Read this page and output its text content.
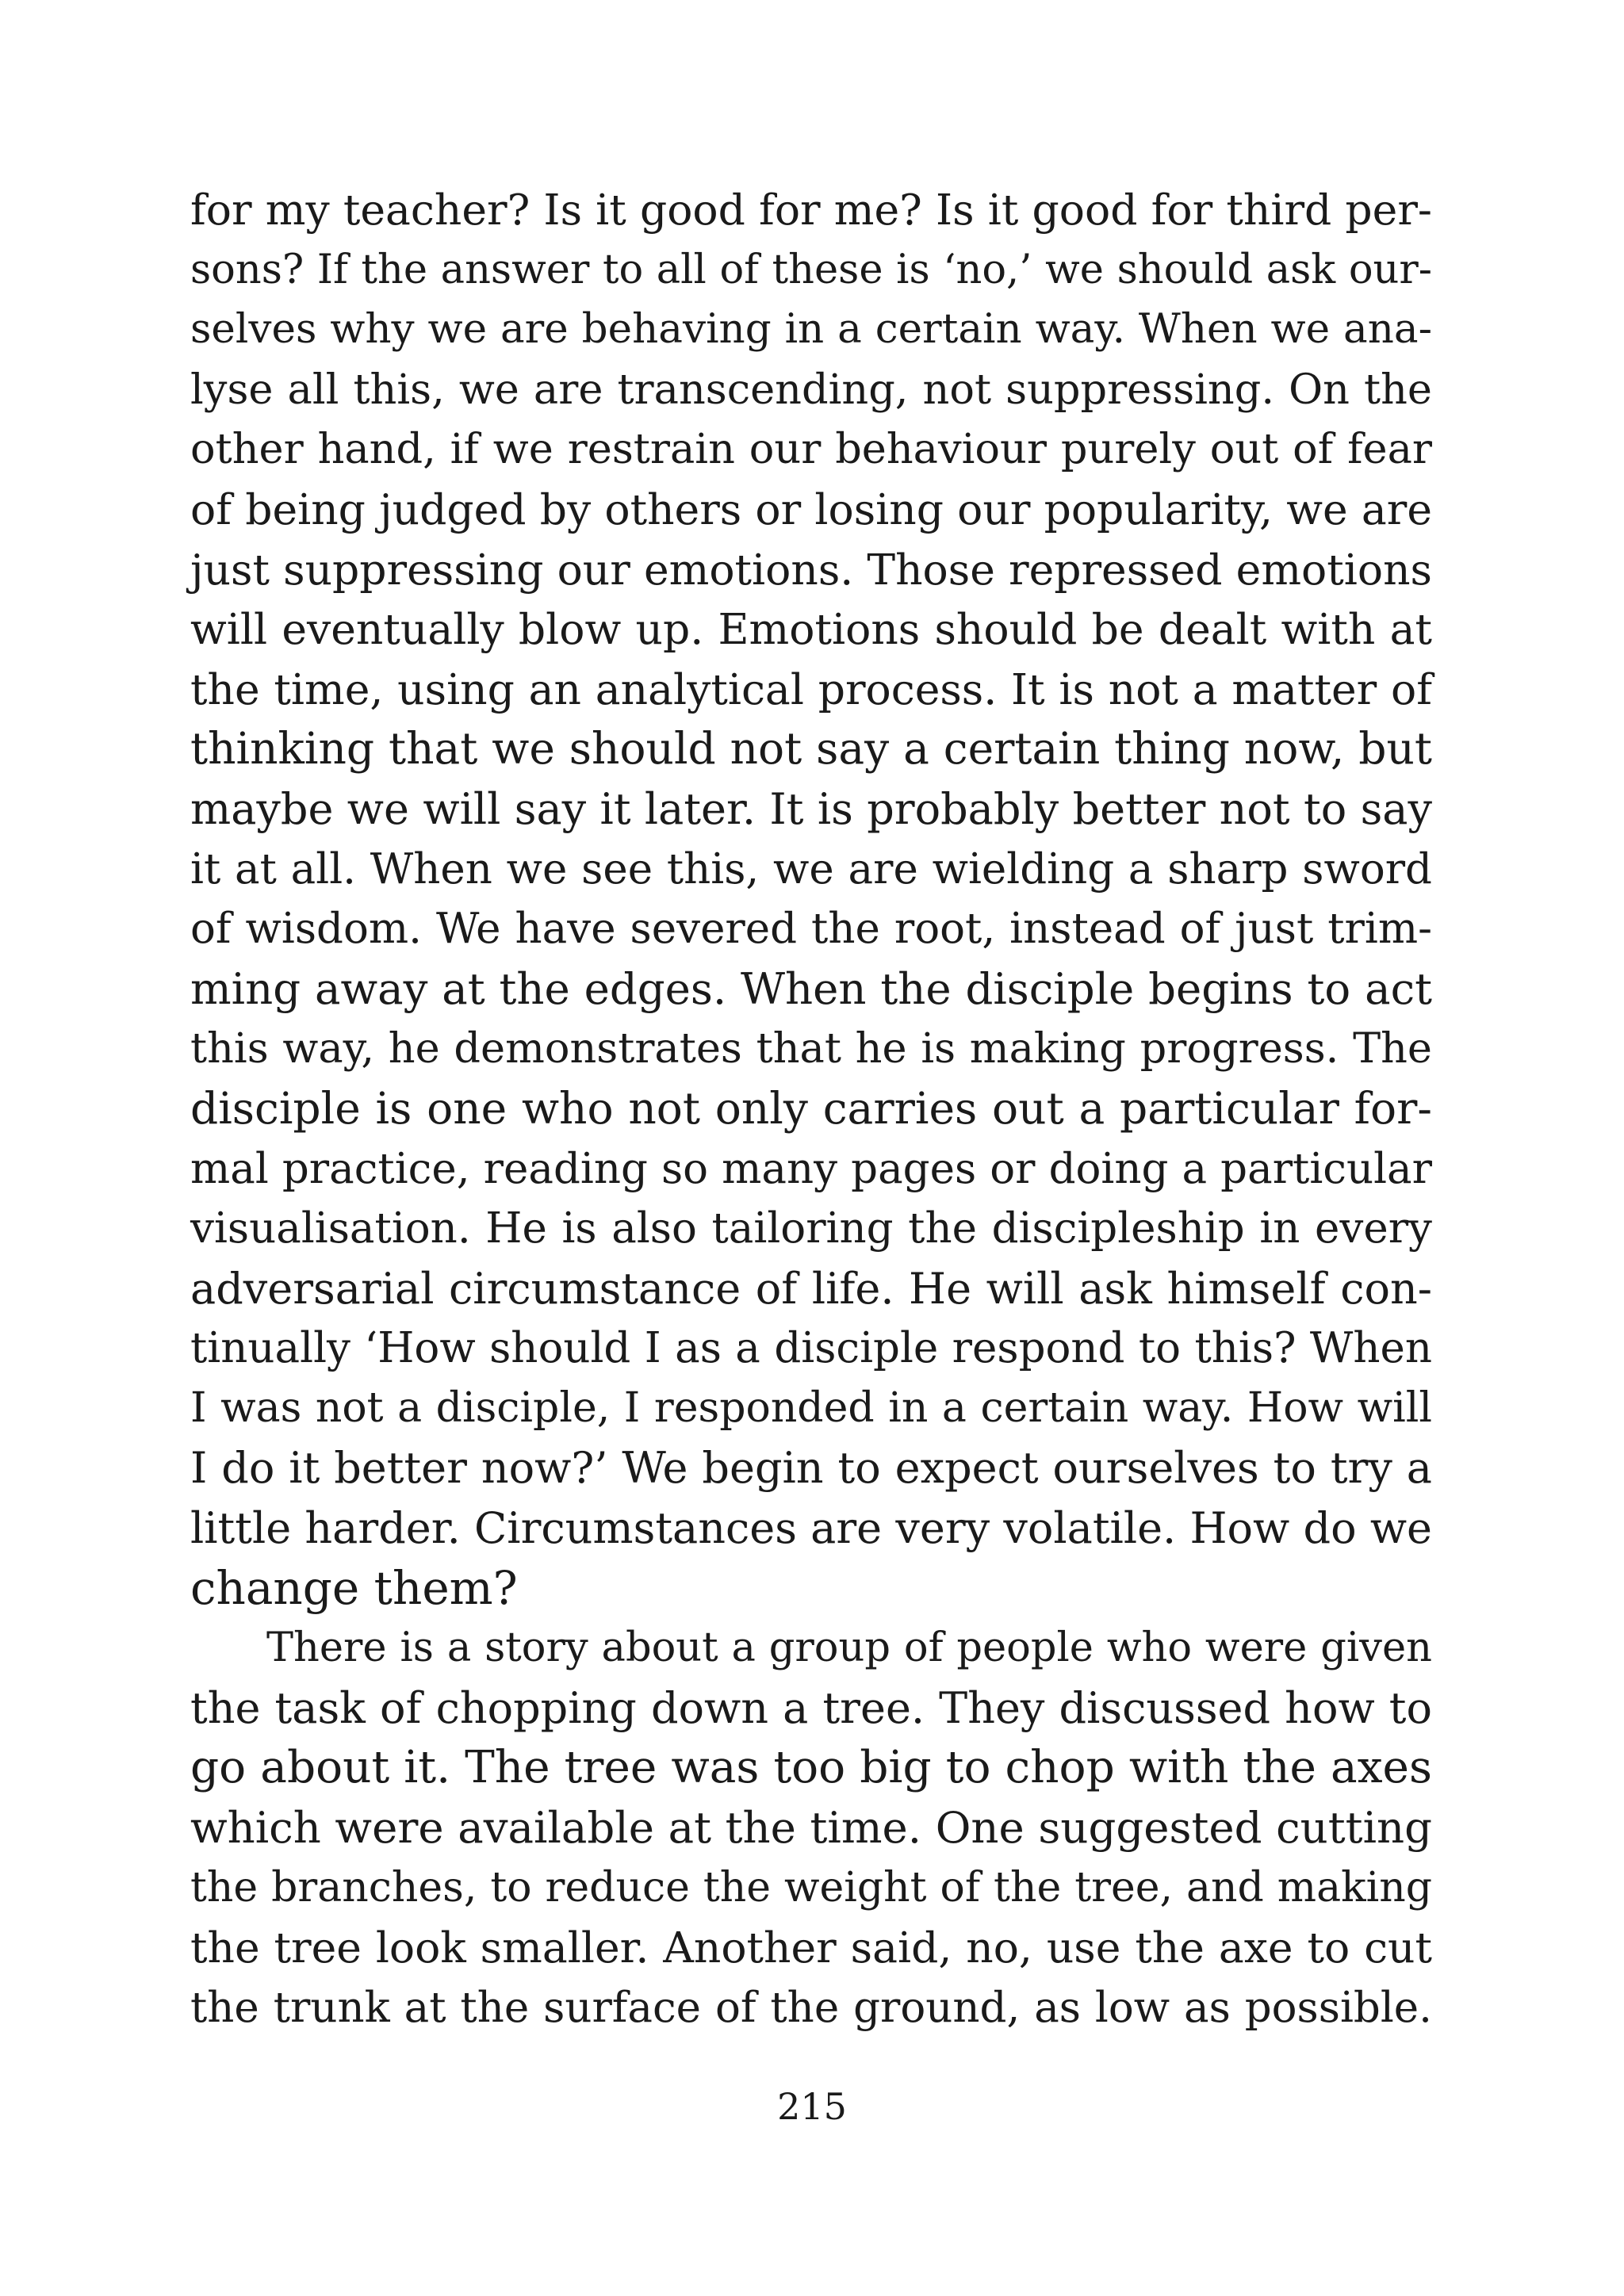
for my teacher? Is it good for me? Is it good for third per-
sons? If the answer to all of these is ‘no,’ we should ask our-
selves why we are behaving in a certain way. When we ana-
lyse all this, we are transcending, not suppressing. On the
other hand, if we restrain our behaviour purely out of fear
of being judged by others or losing our popularity, we are
just suppressing our emotions. Those repressed emotions
will eventually blow up. Emotions should be dealt with at
the time, using an analytical process. It is not a matter of
thinking that we should not say a certain thing now, but
maybe we will say it later. It is probably better not to say
it at all. When we see this, we are wielding a sharp sword
of wisdom. We have severed the root, instead of just trim-
ming away at the edges. When the disciple begins to act
this way, he demonstrates that he is making progress. The
disciple is one who not only carries out a particular for-
mal practice, reading so many pages or doing a particular
visualisation. He is also tailoring the discipleship in every
adversarial circumstance of life. He will ask himself con-
tinually ‘How should I as a disciple respond to this? When
I was not a disciple, I responded in a certain way. How will
I do it better now?’ We begin to expect ourselves to try a
little harder. Circumstances are very volatile. How do we
change them?
There is a story about a group of people who were given
the task of chopping down a tree. They discussed how to
go about it. The tree was too big to chop with the axes
which were available at the time. One suggested cutting
the branches, to reduce the weight of the tree, and making
the tree look smaller. Another said, no, use the axe to cut
the trunk at the surface of the ground, as low as possible.
215
